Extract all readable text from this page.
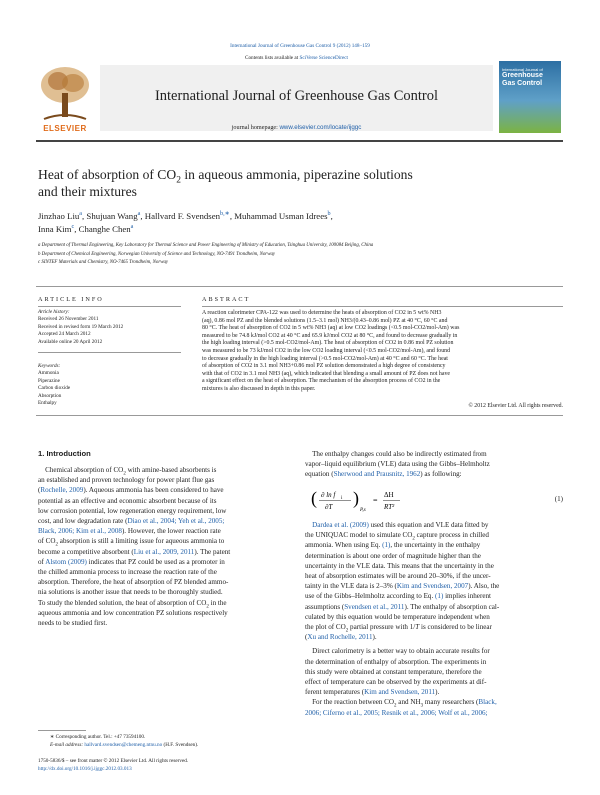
International Journal of Greenhouse Gas Control 9 (2012) 148–159
Contents lists available at SciVerse ScienceDirect
ELSEVIER
International Journal of Greenhouse Gas Control
journal homepage: www.elsevier.com/locate/ijggc
International Journal of
Greenhouse
Gas Control
Heat of absorption of $CO_2$ in aqueous ammonia, piperazine solutions
and their mixtures
Jinzhao Liu$^a$, Shujuan Wang$^a$, Hallvard F. Svendsen$^{b,∗}$, Muhammad Usman Idrees$^b$,
Inna Kim$^c$, Changhe Chen$^a$
a Department of Thermal Engineering, Key Laboratory for Thermal Science and Power Engineering of Ministry of Education, Tsinghua University, 100084 Beijing, China
b Department of Chemical Engineering, Norwegian University of Science and Technology, NO-7491 Trondheim, Norway
c SINTEF Materials and Chemistry, NO-7465 Trondheim, Norway
ARTICLE INFO
Article history:
Received 26 November 2011
Received in revised form 19 March 2012
Accepted 24 March 2012
Available online 20 April 2012
Keywords:
Ammonia
Piperazine
Carbon dioxide
Absorption
Enthalpy
ABSTRACT
A reaction calorimeter CPA-122 was used to determine the heats of absorption of CO2 in 5 wt% NH3
(aq), 0.86 mol PZ and the blended solutions (1.5–3.1 mol) NH3/(0.43–0.86 mol) PZ at 40 °C, 60 °C and
80 °C. The heat of absorption of CO2 in 5 wt% NH3 (aq) at low CO2 loadings (<0.5 mol-CO2/mol-Am) was
measured to be 74.8 kJ/mol CO2 at 40 °C and 65.9 kJ/mol CO2 at 80 °C, and found to decrease gradually in
the high loading interval (>0.5 mol-CO2/mol-Am). The heat of absorption of CO2 in 0.86 mol PZ solution
was measured to be 73 kJ/mol CO2 in the low CO2 loading interval (<0.5 mol-CO2/mol-Am), and found
to decrease gradually in the high loading interval (>0.5 mol-CO2/mol-Am) at 40 °C and 60 °C. The heat
of absorption of CO2 in 3.1 mol NH3+0.86 mol PZ solution demonstrated a high degree of consistency
with that of CO2 in 3.1 mol NH3 (aq), which indicated that blending a small amount of PZ does not have
a significant effect on the heat of absorption. The mechanism of the absorption process of CO2 in the
mixtures is also discussed in depth in this paper.
© 2012 Elsevier Ltd. All rights reserved.
1. Introduction
Chemical absorption of $CO_2$ with amine-based absorbents is
an established and proven technology for power plant flue gas
(Rochelle, 2009). Aqueous ammonia has been considered to have
potential as an effective and economic absorbent because of its
low corrosion potential, low regeneration energy requirement, low
cost, and low degradation rate (Diao et al., 2004; Yeh et al., 2005;
Black, 2006; Kim et al., 2008). However, the lower reaction rate
of $CO_2$ absorption is still a limiting issue for aqueous ammonia to
become a competitive absorbent (Liu et al., 2009, 2011). The patent
of Alstom (2009) indicates that PZ could be used as a promoter in
the chilled ammonia process to increase the reaction rate of the
absorption. Therefore, the heat of absorption of PZ blended ammo-
nia solutions is another issue that needs to be thoroughly studied.
To study the blended solution, the heat of absorption of $CO_2$ in the
aqueous ammonia and low concentration PZ solutions respectively
needs to be studied first.
The enthalpy changes could also be indirectly estimated from
vapor–liquid equilibrium (VLE) data using the Gibbs–Helmholtz
equation (Sherwood and Prausnitz, 1962) as following:
( ∂ ln f i
∂T )
P,x
=
ΔH
RT²
(1)
Dardea et al. (2009) used this equation and VLE data fitted by
the UNIQUAC model to simulate $CO_2$ capture process in chilled
ammonia. When using Eq. (1), the uncertainty in the enthalpy
determination is about one order of magnitude higher than the
uncertainty in the VLE data. This means that the uncertainty in the
heat of absorption estimates will be around 20–30%, if the uncer-
tainty in the VLE data is 2–3% (Kim and Svendsen, 2007). Also, the
use of the Gibbs–Helmholtz according to Eq. (1) implies inherent
assumptions (Svendsen et al., 2011). The enthalpy of absorption cal-
culated by this equation would be temperature independent when
the plot of $CO_2$ partial pressure with 1/T is considered to be linear
(Xu and Rochelle, 2011).
Direct calorimetry is a better way to obtain accurate results for
the determination of enthalpy of absorption. The experiments in
this study were obtained at constant temperature, therefore the
effect of temperature can be observed by the experiments at dif-
ferent temperatures (Kim and Svendsen, 2011).
For the reaction between $CO_2$ and $NH_3$ many researchers (Black,
2006; Ciferno et al., 2005; Resnik et al., 2006; Wolf et al., 2006;
∗ Corresponding author. Tel.: +47 73594100.
E-mail address: hallvard.svendsen@chemeng.ntnu.no (H.F. Svendsen).
1750-5836/$ – see front matter © 2012 Elsevier Ltd. All rights reserved.
http://dx.doi.org/10.1016/j.ijggc.2012.03.013
